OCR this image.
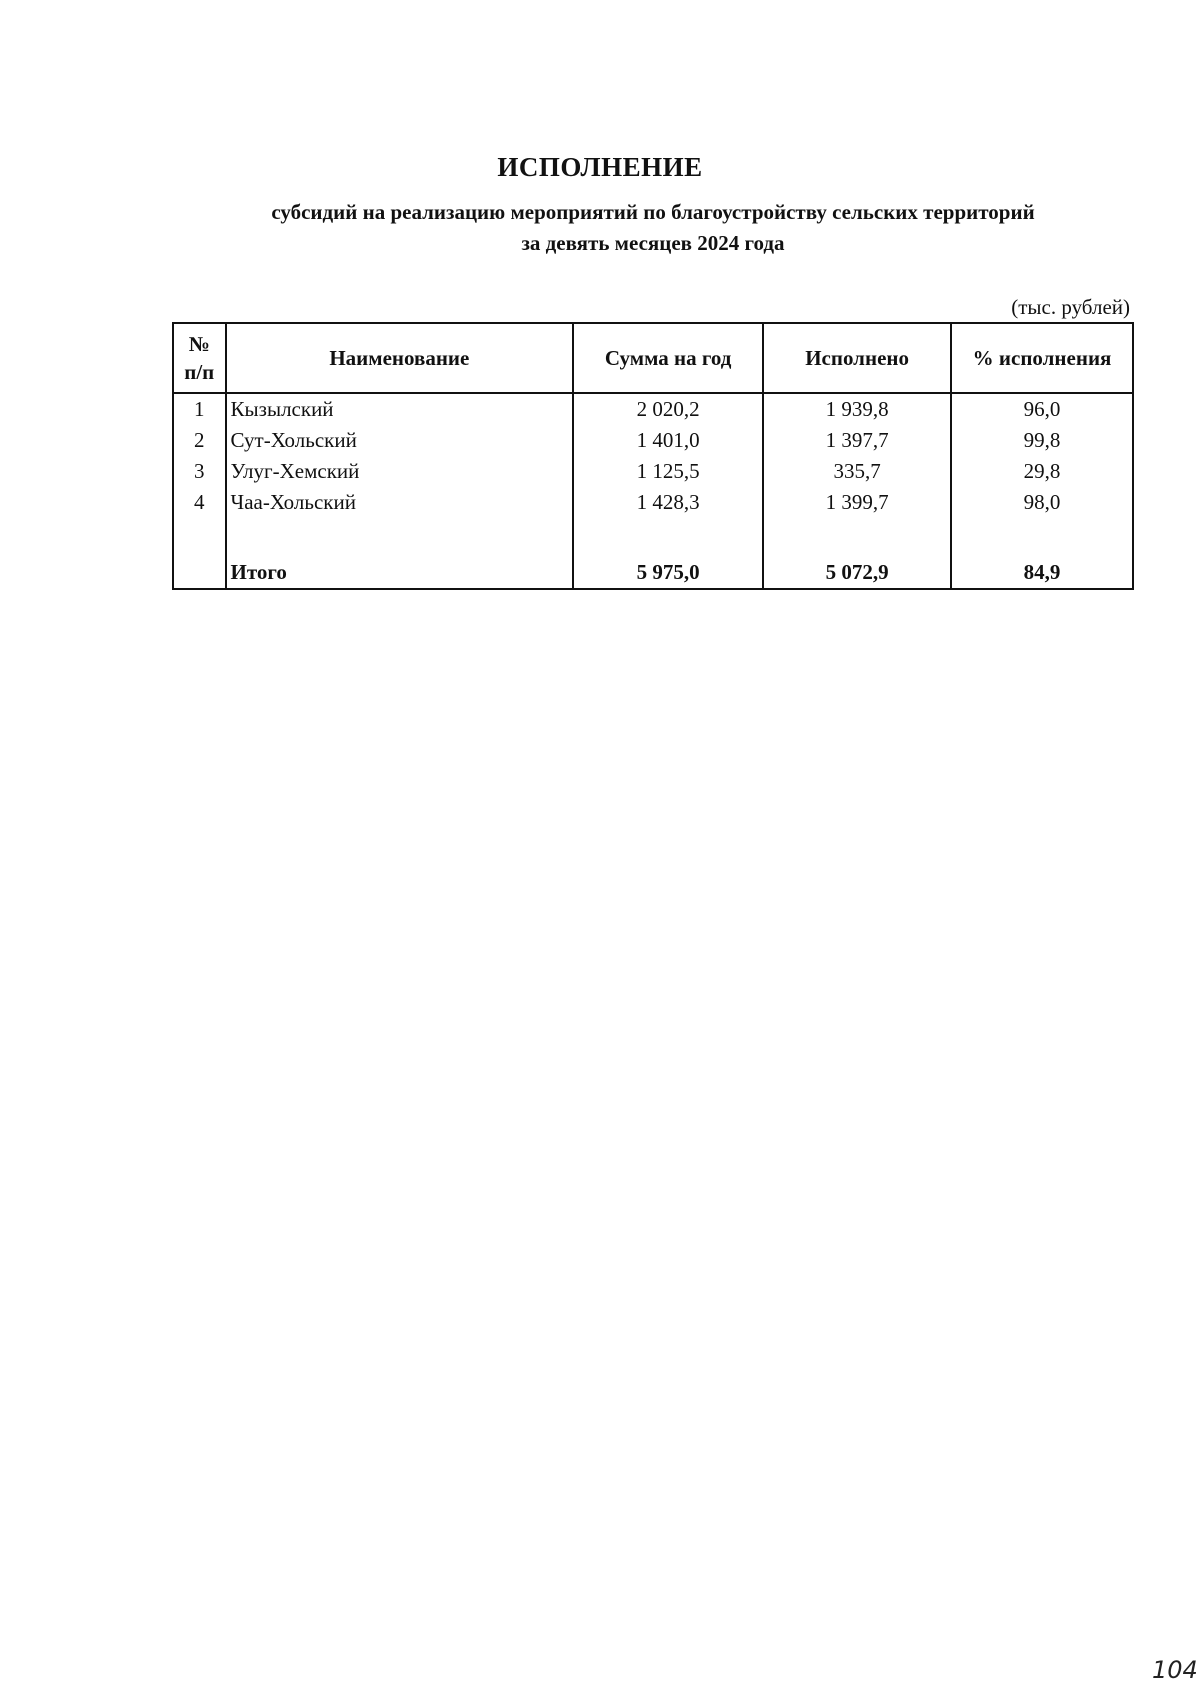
ИСПОЛНЕНИЕ
субсидий на реализацию мероприятий по благоустройству сельских территорий
за девять месяцев 2024 года
(тыс. рублей)
№
п/п	Наименование	Сумма на год	Исполнено	% исполнения
1	Кызылский	2 020,2	1 939,8	96,0
2	Сут-Хольский	1 401,0	1 397,7	99,8
3	Улуг-Хемский	1 125,5	335,7	29,8
4	Чаа-Хольский	1 428,3	1 399,7	98,0

	Итого	5 975,0	5 072,9	84,9
104
